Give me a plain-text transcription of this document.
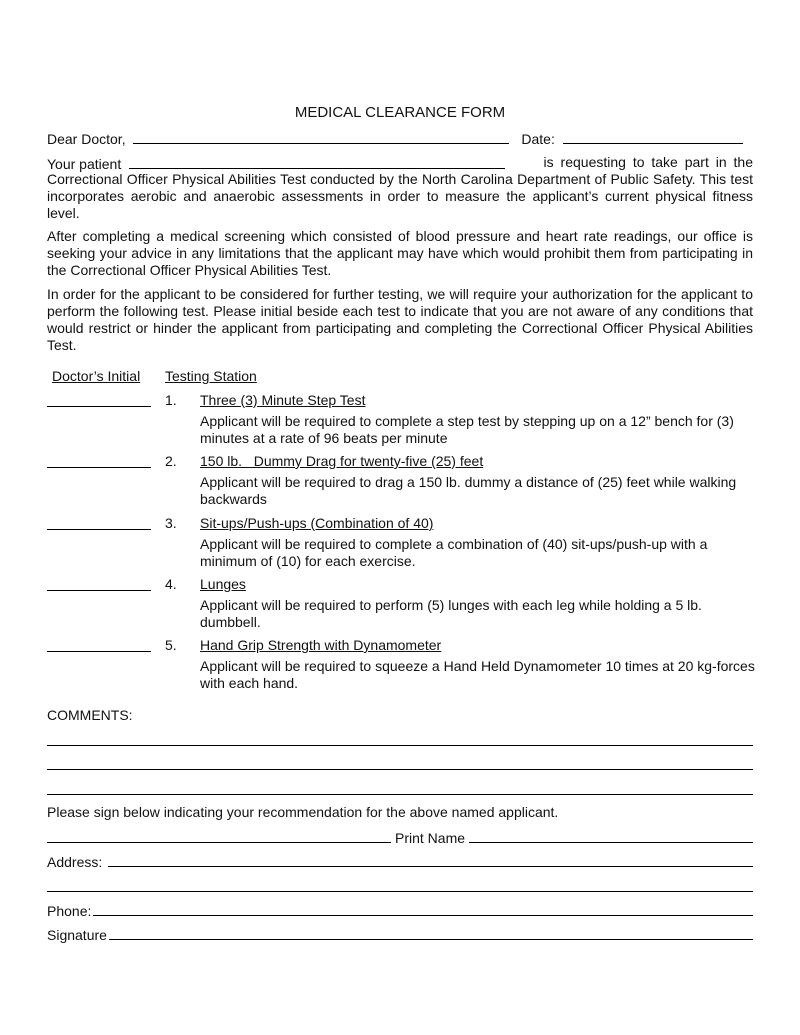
MEDICAL CLEARANCE FORM
Dear Doctor,	Date:
Your patient	is requesting to take part in the
Correctional Officer Physical Abilities Test conducted by the North Carolina Department of Public Safety. This test incorporates aerobic and anaerobic assessments in order to measure the applicant’s current physical fitness level.
After completing a medical screening which consisted of blood pressure and heart rate readings, our office is seeking your advice in any limitations that the applicant may have which would prohibit them from participating in the Correctional Officer Physical Abilities Test.
In order for the applicant to be considered for further testing, we will require your authorization for the applicant to perform the following test. Please initial beside each test to indicate that you are not aware of any conditions that would restrict or hinder the applicant from participating and completing the Correctional Officer Physical Abilities Test.
Doctor’s Initial Testing Station
1. Three (3) Minute Step Test
Applicant will be required to complete a step test by stepping up on a 12” bench for (3) minutes at a rate of 96 beats per minute
2. 150 lb.   Dummy Drag for twenty-five (25) feet
Applicant will be required to drag a 150 lb. dummy a distance of (25) feet while walking backwards
3. Sit-ups/Push-ups (Combination of 40)
Applicant will be required to complete a combination of (40) sit-ups/push-up with a minimum of (10) for each exercise.
4. Lunges
Applicant will be required to perform (5) lunges with each leg while holding a 5 lb. dumbbell.
5. Hand Grip Strength with Dynamometer
Applicant will be required to squeeze a Hand Held Dynamometer 10 times at 20 kg-forces with each hand.
COMMENTS:
Please sign below indicating your recommendation for the above named applicant.
Print Name
Address:
Phone:
Signature
